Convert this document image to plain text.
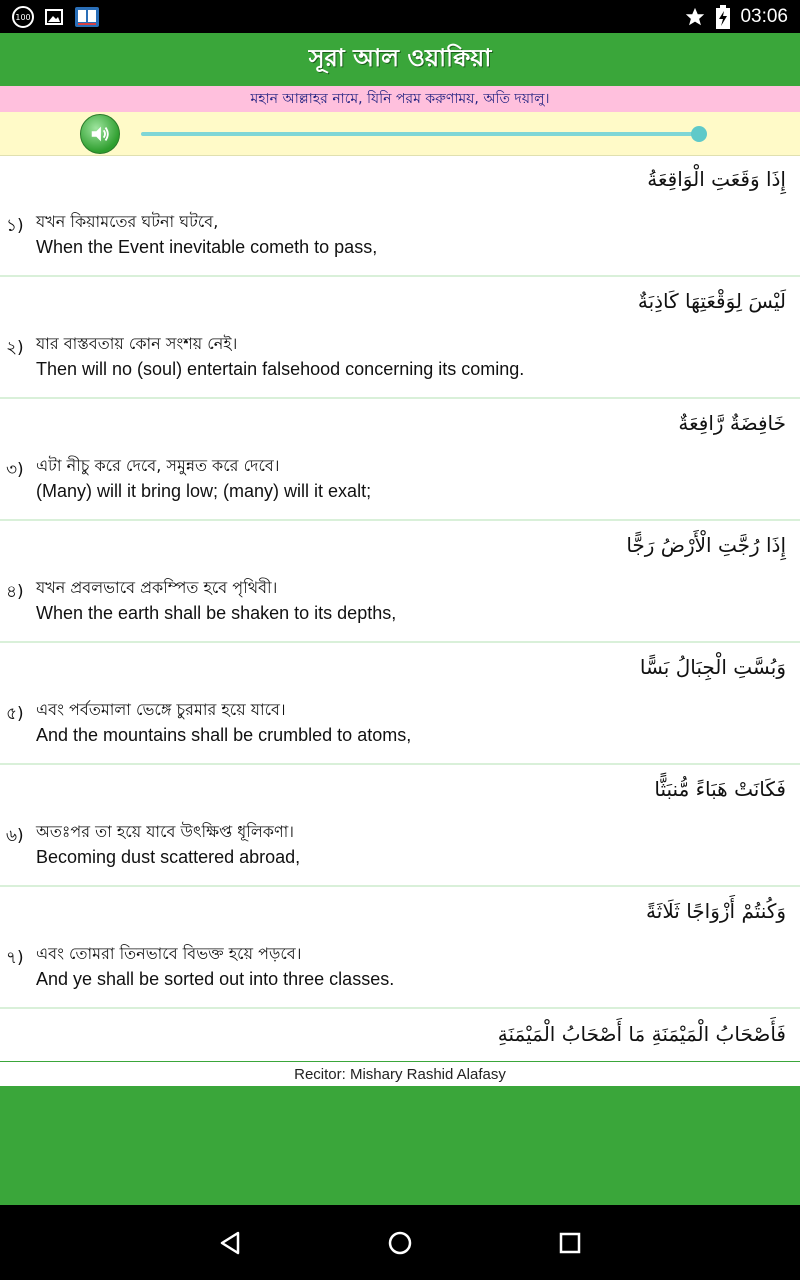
100	03:06
সূরা আল ওয়াক্বিয়া
মহান আল্লাহর নামে, যিনি পরম করুণাময়, অতি দয়ালু।
إِذَا وَقَعَتِ الْوَاقِعَةُ
১) যখন কিয়ামতের ঘটনা ঘটবে,
When the Event inevitable cometh to pass,
لَيْسَ لِوَقْعَتِهَا كَاذِبَةٌ
২) যার বাস্তবতায় কোন সংশয় নেই।
Then will no (soul) entertain falsehood concerning its coming.
خَافِضَةٌ رَّافِعَةٌ
৩) এটা নীচু করে দেবে, সমুন্নত করে দেবে।
(Many) will it bring low; (many) will it exalt;
إِذَا رُجَّتِ الْأَرْضُ رَجًّا
৪) যখন প্রবলভাবে প্রকম্পিত হবে পৃথিবী।
When the earth shall be shaken to its depths,
وَبُسَّتِ الْجِبَالُ بَسًّا
৫) এবং পর্বতমালা ভেঙ্গে চুরমার হয়ে যাবে।
And the mountains shall be crumbled to atoms,
فَكَانَتْ هَبَاءً مُّنبَثًّا
৬) অতঃপর তা হয়ে যাবে উৎক্ষিপ্ত ধূলিকণা।
Becoming dust scattered abroad,
وَكُنتُمْ أَزْوَاجًا ثَلَاثَةً
৭) এবং তোমরা তিনভাবে বিভক্ত হয়ে পড়বে।
And ye shall be sorted out into three classes.
فَأَصْحَابُ الْمَيْمَنَةِ مَا أَصْحَابُ الْمَيْمَنَةِ
Recitor: Mishary Rashid Alafasy
